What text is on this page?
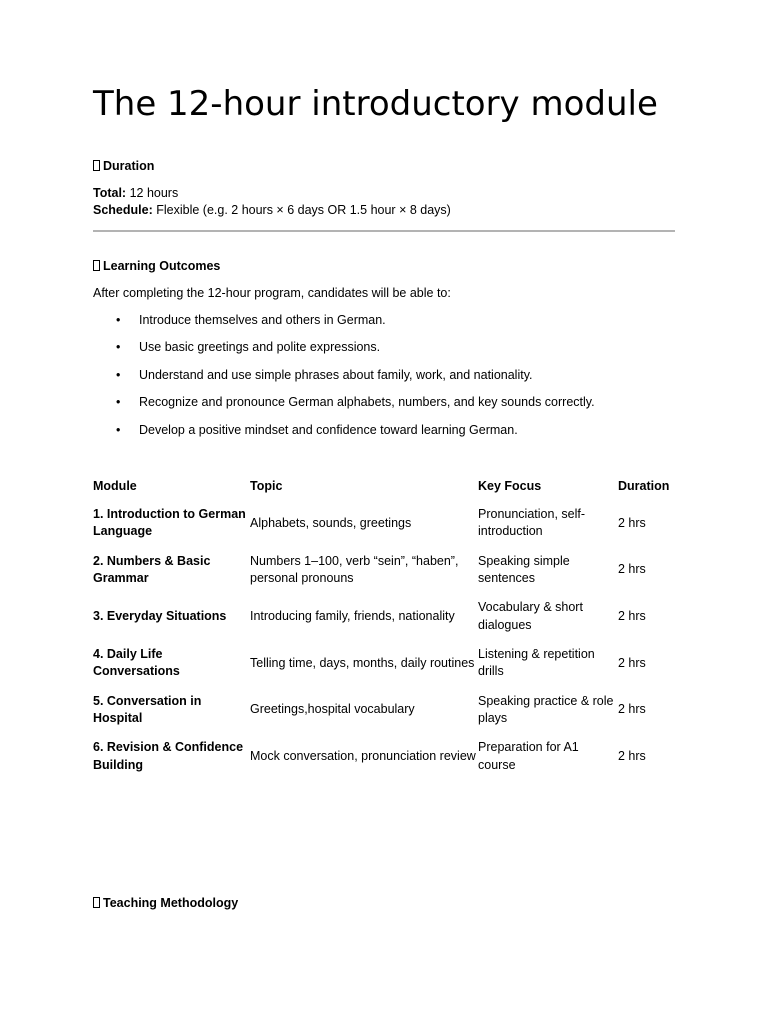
The 12-hour introductory module
Duration
Total: 12 hours
Schedule: Flexible (e.g. 2 hours × 6 days OR 1.5 hour × 8 days)
Learning Outcomes
After completing the 12-hour program, candidates will be able to:
• Introduce themselves and others in German.
• Use basic greetings and polite expressions.
• Understand and use simple phrases about family, work, and nationality.
• Recognize and pronounce German alphabets, numbers, and key sounds correctly.
• Develop a positive mindset and confidence toward learning German.
Module	Topic	Key Focus	Duration
1. Introduction to German Language	Alphabets, sounds, greetings	Pronunciation, self-introduction	2 hrs
2. Numbers & Basic Grammar	Numbers 1–100, verb “sein”, “haben”, personal pronouns	Speaking simple sentences	2 hrs
3. Everyday Situations	Introducing family, friends, nationality	Vocabulary & short dialogues	2 hrs
4. Daily Life Conversations	Telling time, days, months, daily routines	Listening & repetition drills	2 hrs
5. Conversation in Hospital	Greetings,hospital vocabulary	Speaking practice & role plays	2 hrs
6. Revision & Confidence Building	Mock conversation, pronunciation review	Preparation for A1 course	2 hrs
Teaching Methodology
